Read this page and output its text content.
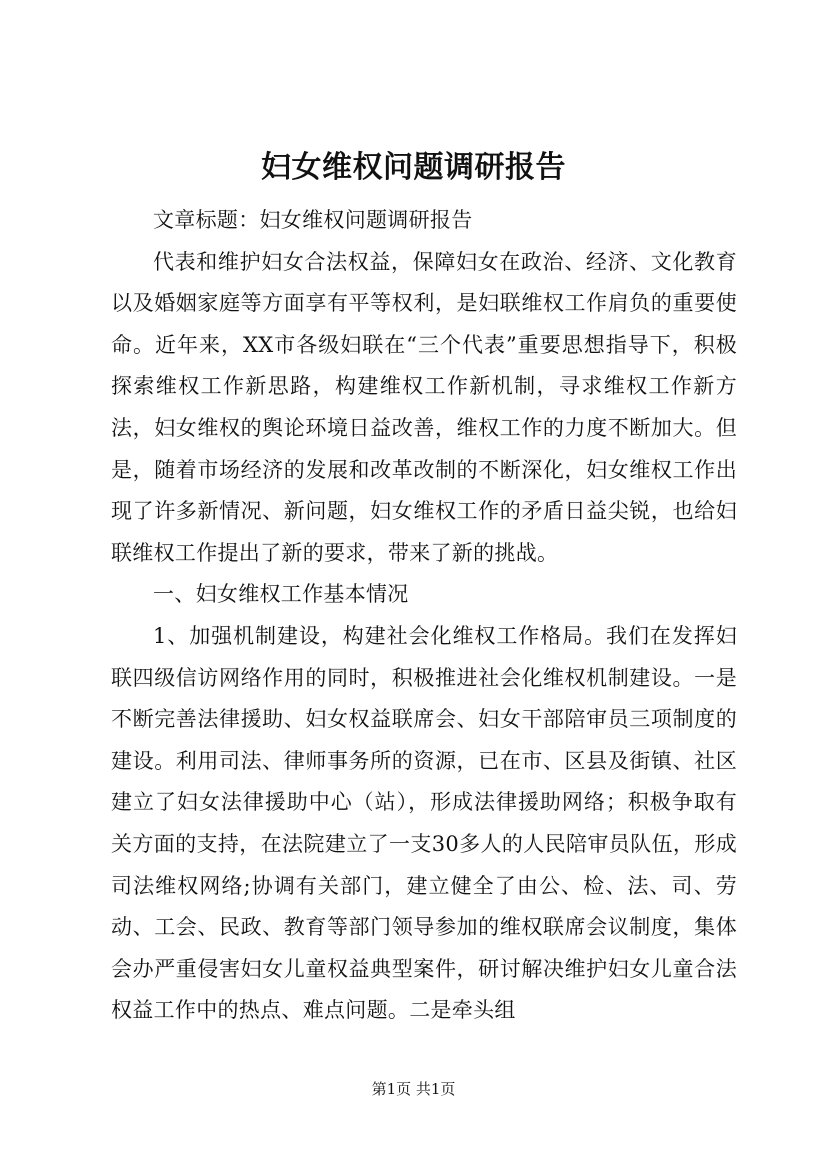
妇女维权问题调研报告

文章标题：妇女维权问题调研报告

代表和维护妇女合法权益，保障妇女在政治、经济、文化教育以及婚姻家庭等方面享有平等权利，是妇联维权工作肩负的重要使命。近年来，XX市各级妇联在“三个代表”重要思想指导下，积极探索维权工作新思路，构建维权工作新机制，寻求维权工作新方法，妇女维权的舆论环境日益改善，维权工作的力度不断加大。但是，随着市场经济的发展和改革改制的不断深化，妇女维权工作出现了许多新情况、新问题，妇女维权工作的矛盾日益尖锐，也给妇联维权工作提出了新的要求，带来了新的挑战。

一、妇女维权工作基本情况

1、加强机制建设，构建社会化维权工作格局。我们在发挥妇联四级信访网络作用的同时，积极推进社会化维权机制建设。一是不断完善法律援助、妇女权益联席会、妇女干部陪审员三项制度的建设。利用司法、律师事务所的资源，已在市、区县及街镇、社区建立了妇女法律援助中心（站），形成法律援助网络；积极争取有关方面的支持，在法院建立了一支30多人的人民陪审员队伍，形成司法维权网络;协调有关部门，建立健全了由公、检、法、司、劳动、工会、民政、教育等部门领导参加的维权联席会议制度，集体会办严重侵害妇女儿童权益典型案件，研讨解决维护妇女儿童合法权益工作中的热点、难点问题。二是牵头组

第1页 共1页
